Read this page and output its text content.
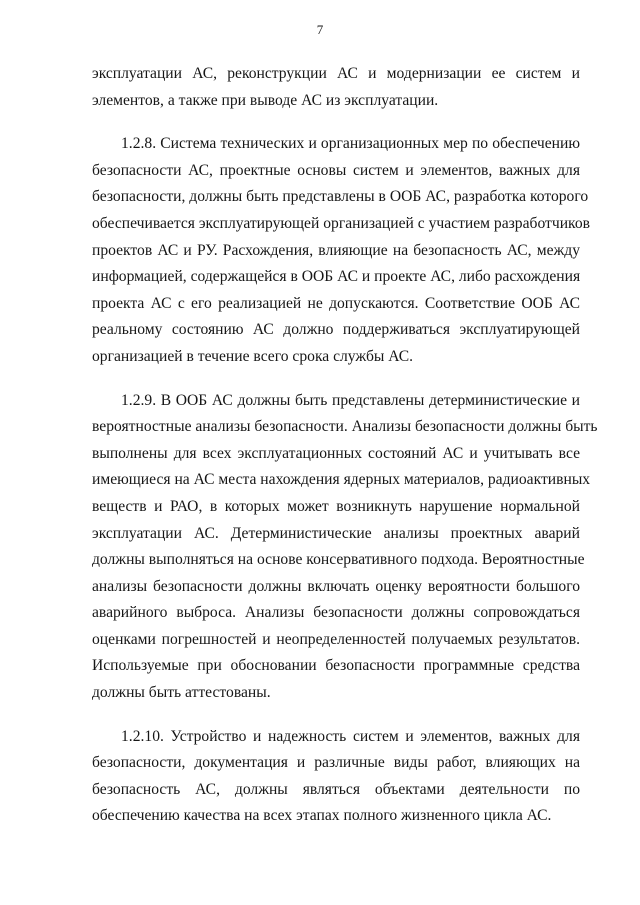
7

эксплуатации АС, реконструкции АС и модернизации ее систем и
элементов, а также при выводе АС из эксплуатации.

1.2.8. Система технических и организационных мер по обеспечению
безопасности АС, проектные основы систем и элементов, важных для
безопасности, должны быть представлены в ООБ АС, разработка которого
обеспечивается эксплуатирующей организацией с участием разработчиков
проектов АС и РУ. Расхождения, влияющие на безопасность АС, между
информацией, содержащейся в ООБ АС и проекте АС, либо расхождения
проекта АС с его реализацией не допускаются. Соответствие ООБ АС
реальному состоянию АС должно поддерживаться эксплуатирующей
организацией в течение всего срока службы АС.

1.2.9. В ООБ АС должны быть представлены детерминистические и
вероятностные анализы безопасности. Анализы безопасности должны быть
выполнены для всех эксплуатационных состояний АС и учитывать все
имеющиеся на АС места нахождения ядерных материалов, радиоактивных
веществ и РАО, в которых может возникнуть нарушение нормальной
эксплуатации АС. Детерминистические анализы проектных аварий
должны выполняться на основе консервативного подхода. Вероятностные
анализы безопасности должны включать оценку вероятности большого
аварийного выброса. Анализы безопасности должны сопровождаться
оценками погрешностей и неопределенностей получаемых результатов.
Используемые при обосновании безопасности программные средства
должны быть аттестованы.

1.2.10. Устройство и надежность систем и элементов, важных для
безопасности, документация и различные виды работ, влияющих на
безопасность АС, должны являться объектами деятельности по
обеспечению качества на всех этапах полного жизненного цикла АС.
